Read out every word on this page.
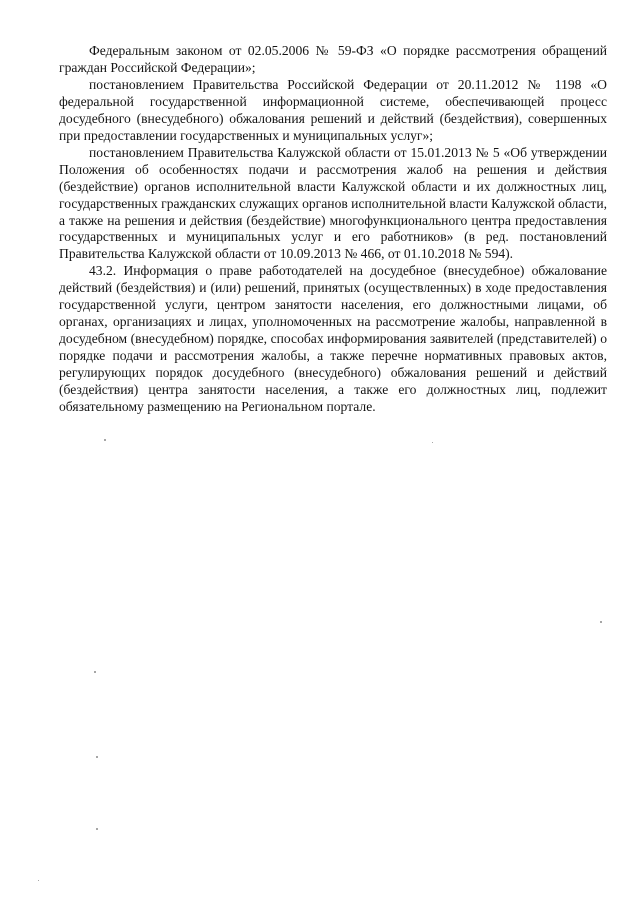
Федеральным законом от 02.05.2006 № 59-ФЗ «О порядке рассмотрения обращений граждан Российской Федерации»;

постановлением Правительства Российской Федерации от 20.11.2012 № 1198 «О федеральной государственной информационной системе, обеспечивающей процесс досудебного (внесудебного) обжалования решений и действий (бездействия), совершенных при предоставлении государственных и муниципальных услуг»;

постановлением Правительства Калужской области от 15.01.2013 № 5 «Об утверждении Положения об особенностях подачи и рассмотрения жалоб на решения и действия (бездействие) органов исполнительной власти Калужской области и их должностных лиц, государственных гражданских служащих органов исполнительной власти Калужской области, а также на решения и действия (бездействие) многофункционального центра предоставления государственных и муниципальных услуг и его работников» (в ред. постановлений Правительства Калужской области от 10.09.2013 № 466, от 01.10.2018 № 594).

43.2. Информация о праве работодателей на досудебное (внесудебное) обжалование действий (бездействия) и (или) решений, принятых (осуществленных) в ходе предоставления государственной услуги, центром занятости населения, его должностными лицами, об органах, организациях и лицах, уполномоченных на рассмотрение жалобы, направленной в досудебном (внесудебном) порядке, способах информирования заявителей (представителей) о порядке подачи и рассмотрения жалобы, а также перечне нормативных правовых актов, регулирующих порядок досудебного (внесудебного) обжалования решений и действий (бездействия) центра занятости населения, а также его должностных лиц, подлежит обязательному размещению на Региональном портале.
